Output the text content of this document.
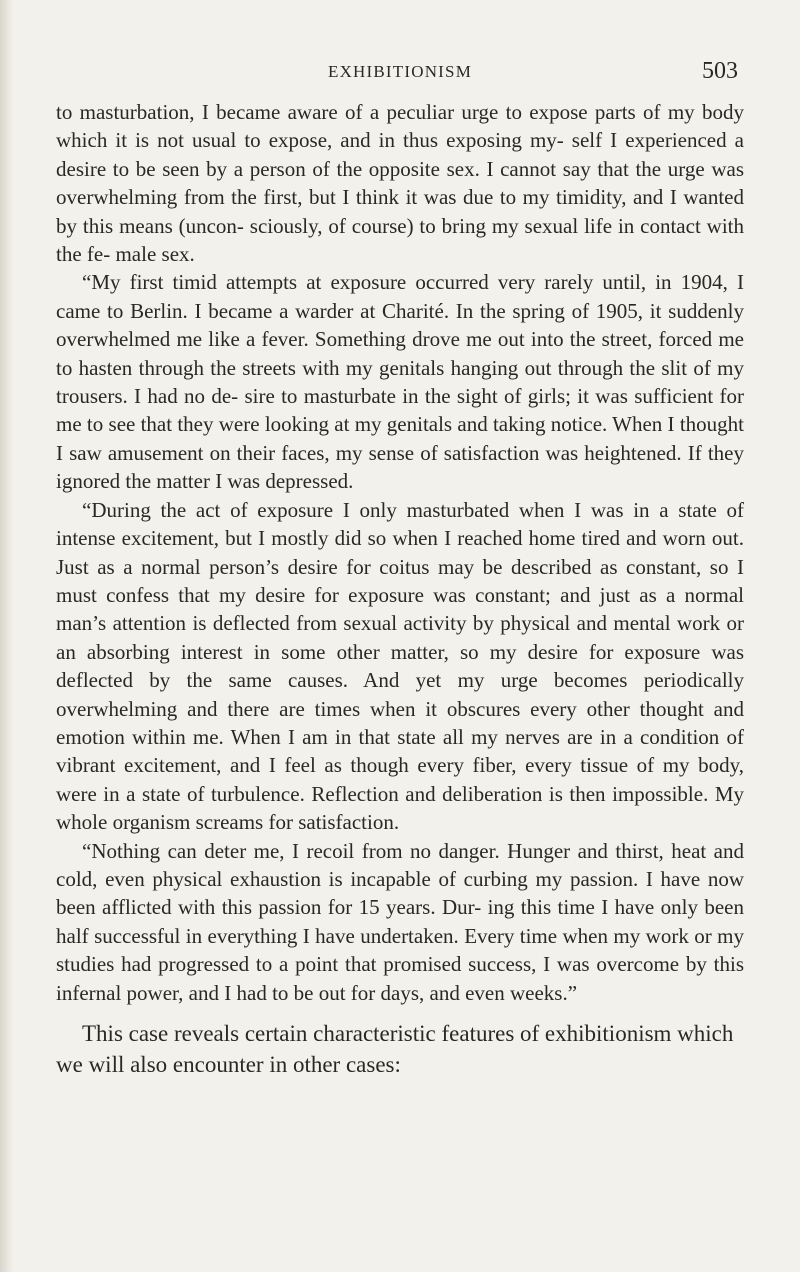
EXHIBITIONISM	503

to masturbation, I became aware of a peculiar urge to expose parts of my body which it is not usual to expose, and in thus exposing my- self I experienced a desire to be seen by a person of the opposite sex. I cannot say that the urge was overwhelming from the first, but I think it was due to my timidity, and I wanted by this means (uncon- sciously, of course) to bring my sexual life in contact with the fe- male sex.

“My first timid attempts at exposure occurred very rarely until, in 1904, I came to Berlin. I became a warder at Charité. In the spring of 1905, it suddenly overwhelmed me like a fever. Something drove me out into the street, forced me to hasten through the streets with my genitals hanging out through the slit of my trousers. I had no de- sire to masturbate in the sight of girls; it was sufficient for me to see that they were looking at my genitals and taking notice. When I thought I saw amusement on their faces, my sense of satisfaction was heightened. If they ignored the matter I was depressed.

“During the act of exposure I only masturbated when I was in a state of intense excitement, but I mostly did so when I reached home tired and worn out. Just as a normal person’s desire for coitus may be described as constant, so I must confess that my desire for exposure was constant; and just as a normal man’s attention is deflected from sexual activity by physical and mental work or an absorbing interest in some other matter, so my desire for exposure was deflected by the same causes. And yet my urge becomes periodically overwhelming and there are times when it obscures every other thought and emotion within me. When I am in that state all my nerves are in a condition of vibrant excitement, and I feel as though every fiber, every tissue of my body, were in a state of turbulence. Reflection and deliberation is then impossible. My whole organism screams for satisfaction.

“Nothing can deter me, I recoil from no danger. Hunger and thirst, heat and cold, even physical exhaustion is incapable of curbing my passion. I have now been afflicted with this passion for 15 years. Dur- ing this time I have only been half successful in everything I have undertaken. Every time when my work or my studies had progressed to a point that promised success, I was overcome by this infernal power, and I had to be out for days, and even weeks.”

This case reveals certain characteristic features of exhibitionism which we will also encounter in other cases:
